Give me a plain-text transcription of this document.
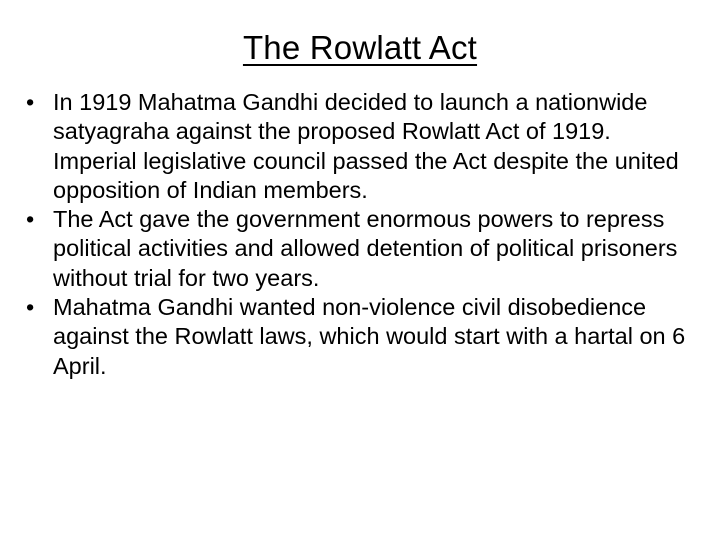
The Rowlatt Act
• In 1919 Mahatma Gandhi decided to launch a nationwide satyagraha against the proposed Rowlatt Act of 1919. Imperial legislative council passed the Act despite the united opposition of Indian members.
• The Act gave the government enormous powers to repress political activities and allowed detention of political prisoners without trial for two years.
• Mahatma Gandhi wanted non-violence civil disobedience against the Rowlatt laws, which would start with a hartal on 6 April.
